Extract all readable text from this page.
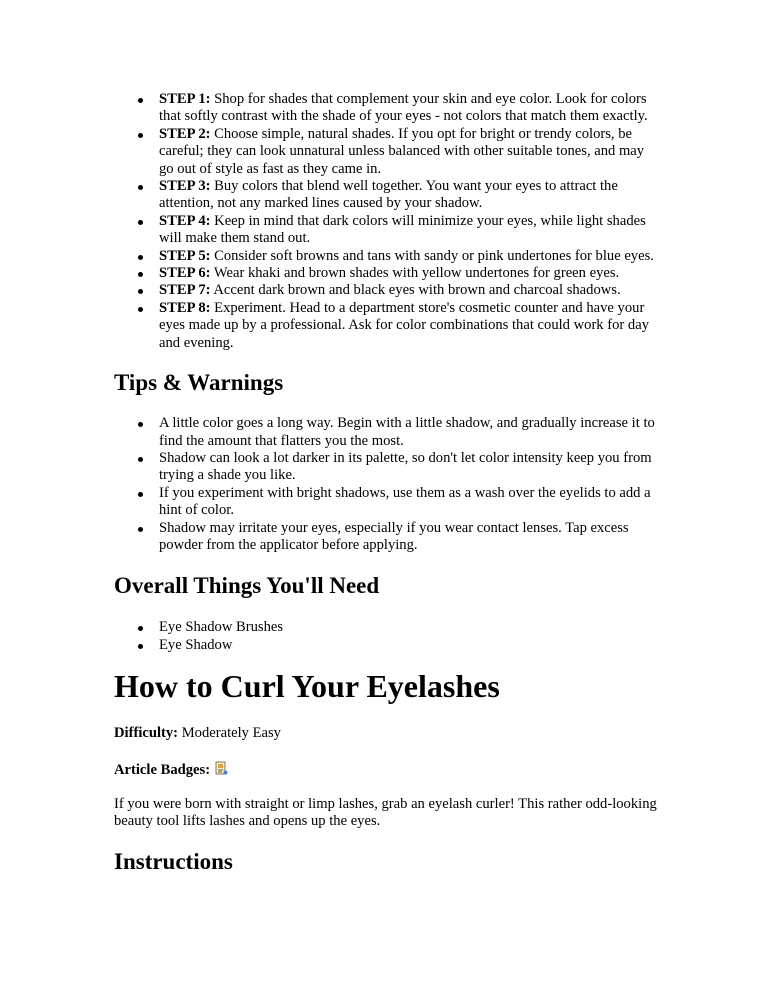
STEP 1: Shop for shades that complement your skin and eye color. Look for colors that softly contrast with the shade of your eyes - not colors that match them exactly.
STEP 2: Choose simple, natural shades. If you opt for bright or trendy colors, be careful; they can look unnatural unless balanced with other suitable tones, and may go out of style as fast as they came in.
STEP 3: Buy colors that blend well together. You want your eyes to attract the attention, not any marked lines caused by your shadow.
STEP 4: Keep in mind that dark colors will minimize your eyes, while light shades will make them stand out.
STEP 5: Consider soft browns and tans with sandy or pink undertones for blue eyes.
STEP 6: Wear khaki and brown shades with yellow undertones for green eyes.
STEP 7: Accent dark brown and black eyes with brown and charcoal shadows.
STEP 8: Experiment. Head to a department store's cosmetic counter and have your eyes made up by a professional. Ask for color combinations that could work for day and evening.
Tips & Warnings
A little color goes a long way. Begin with a little shadow, and gradually increase it to find the amount that flatters you the most.
Shadow can look a lot darker in its palette, so don't let color intensity keep you from trying a shade you like.
If you experiment with bright shadows, use them as a wash over the eyelids to add a hint of color.
Shadow may irritate your eyes, especially if you wear contact lenses. Tap excess powder from the applicator before applying.
Overall Things You'll Need
Eye Shadow Brushes
Eye Shadow
How to Curl Your Eyelashes

Difficulty: Moderately Easy

Article Badges:

If you were born with straight or limp lashes, grab an eyelash curler! This rather odd-looking beauty tool lifts lashes and opens up the eyes.

Instructions
